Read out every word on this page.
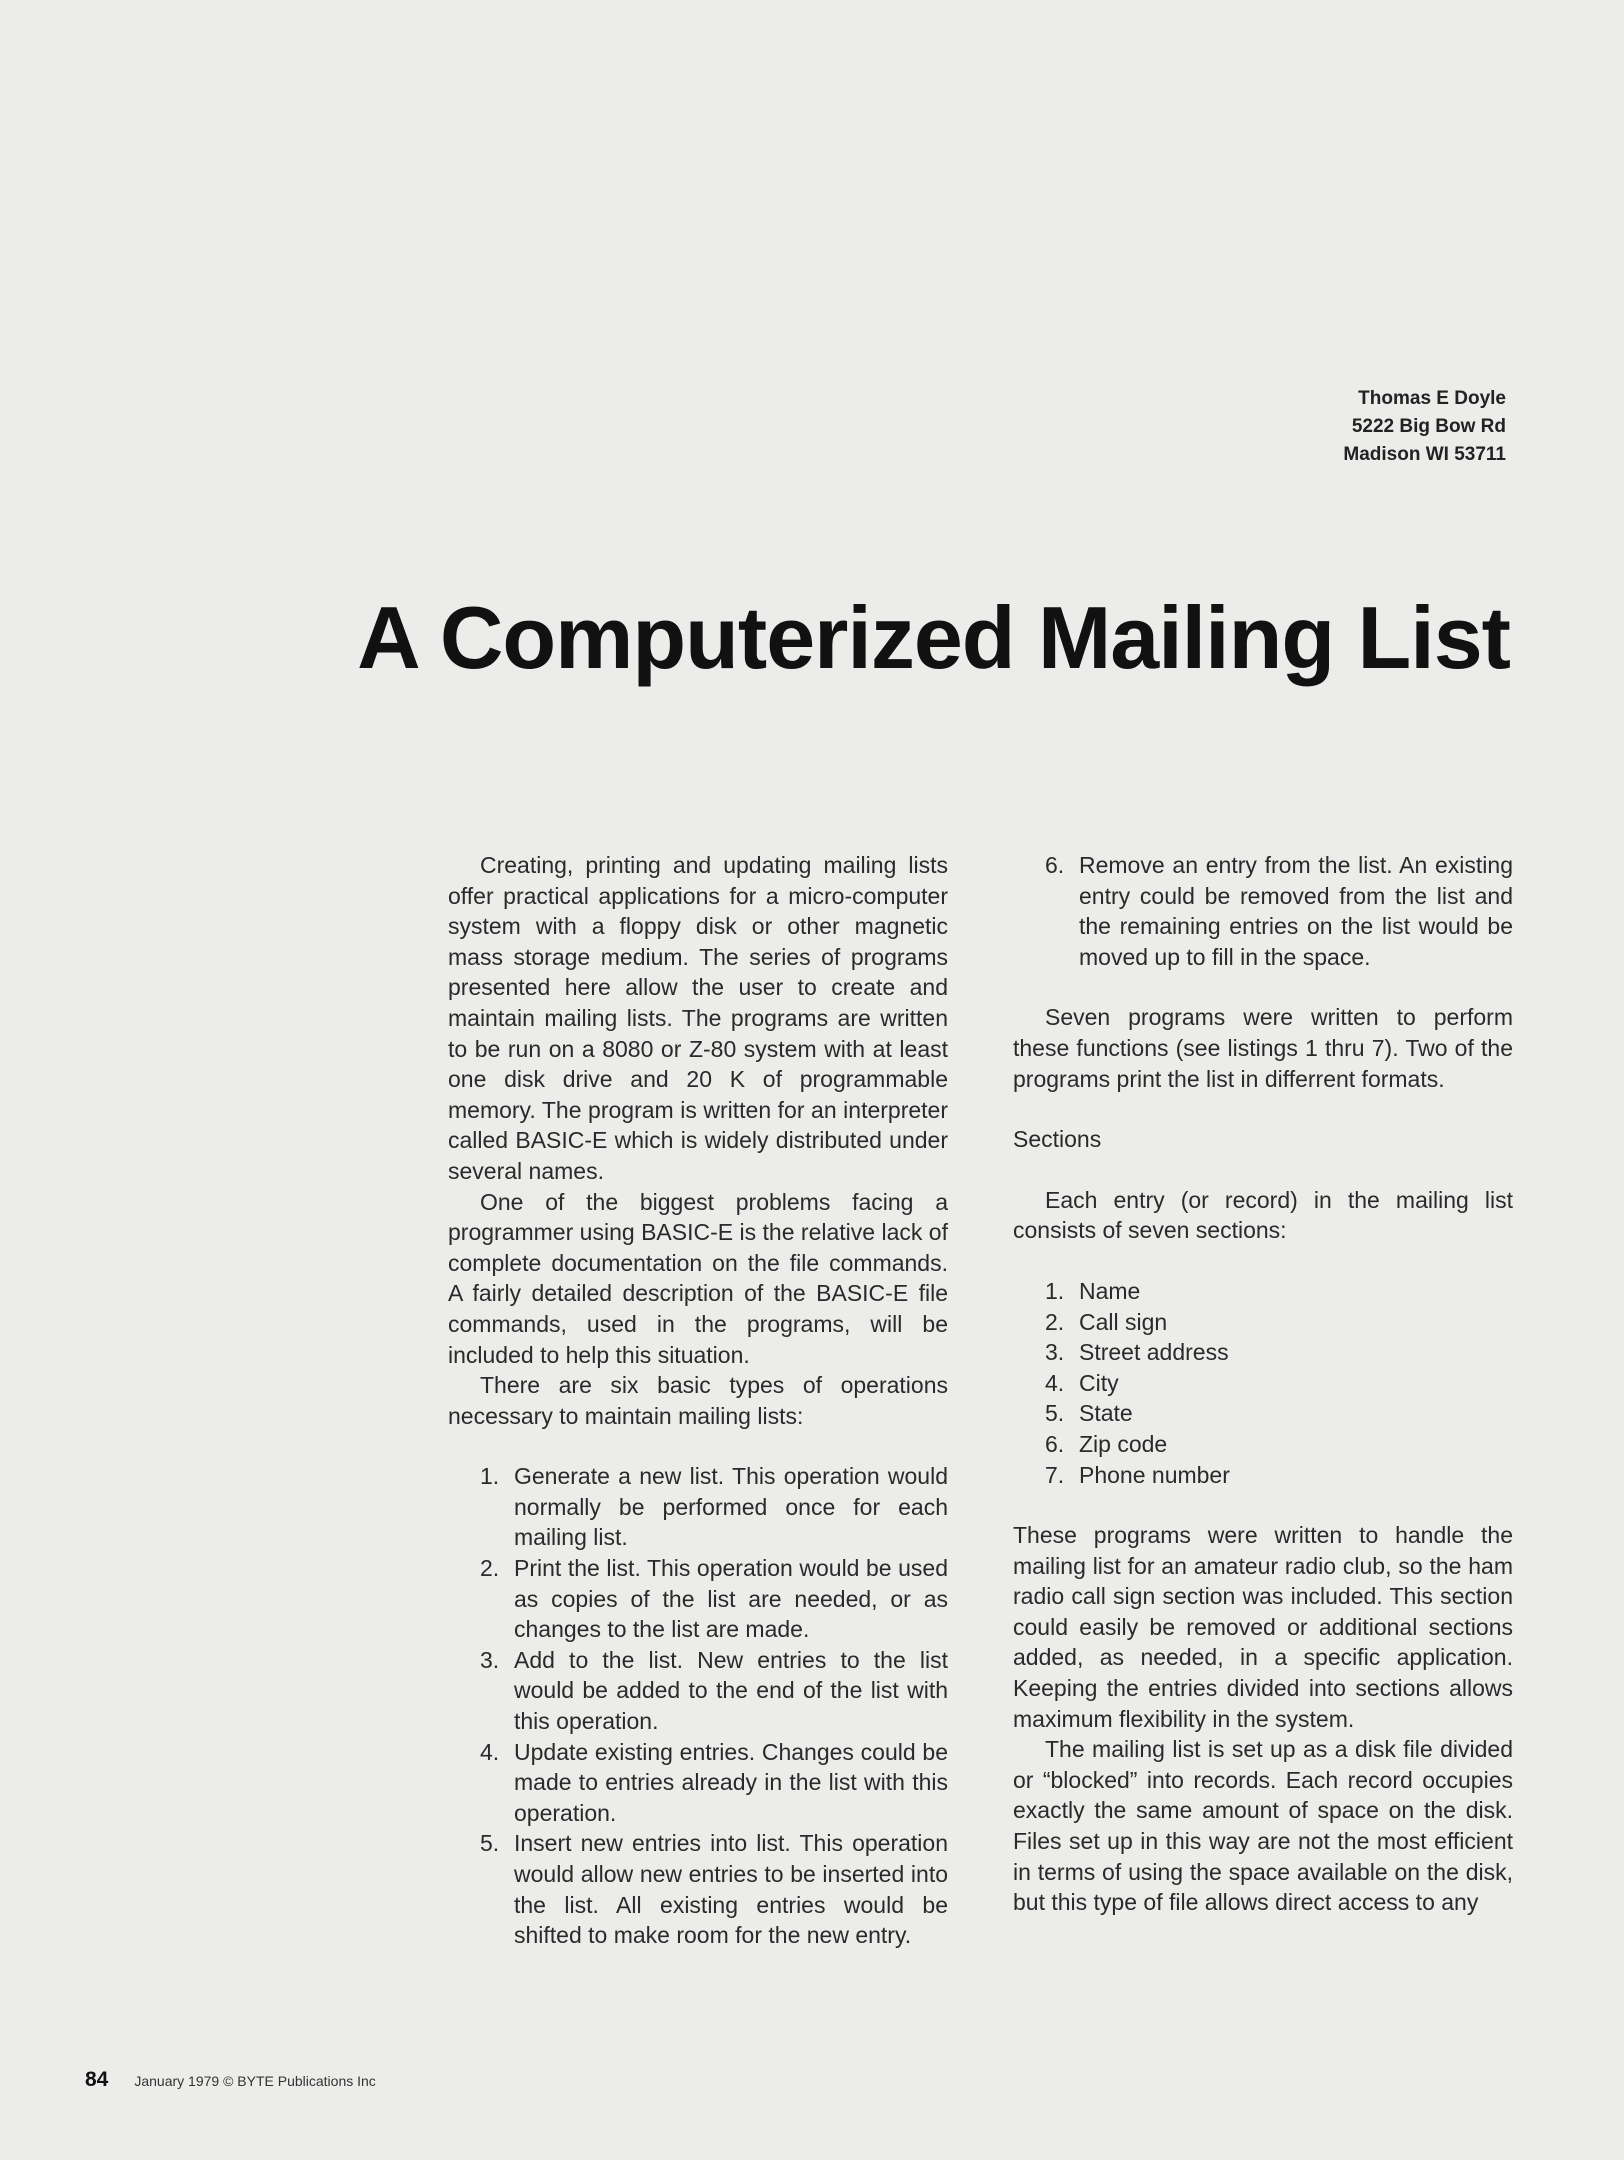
Thomas E Doyle
5222 Big Bow Rd
Madison WI 53711
A Computerized Mailing List

Creating, printing and updating mailing lists offer practical applications for a micro-computer system with a floppy disk or other magnetic mass storage medium. The series of programs presented here allow the user to create and maintain mailing lists. The programs are written to be run on a 8080 or Z-80 system with at least one disk drive and 20 K of programmable memory. The program is written for an interpreter called BASIC-E which is widely distributed under several names.

One of the biggest problems facing a programmer using BASIC-E is the relative lack of complete documentation on the file commands. A fairly detailed description of the BASIC-E file commands, used in the programs, will be included to help this situation.

There are six basic types of operations necessary to maintain mailing lists:

1. Generate a new list. This operation would normally be performed once for each mailing list.
2. Print the list. This operation would be used as copies of the list are needed, or as changes to the list are made.
3. Add to the list. New entries to the list would be added to the end of the list with this operation.
4. Update existing entries. Changes could be made to entries already in the list with this operation.
5. Insert new entries into list. This operation would allow new entries to be inserted into the list. All existing entries would be shifted to make room for the new entry.
6. Remove an entry from the list. An existing entry could be removed from the list and the remaining entries on the list would be moved up to fill in the space.

Seven programs were written to perform these functions (see listings 1 thru 7). Two of the programs print the list in differrent formats.

Sections

Each entry (or record) in the mailing list consists of seven sections:

1. Name
2. Call sign
3. Street address
4. City
5. State
6. Zip code
7. Phone number

These programs were written to handle the mailing list for an amateur radio club, so the ham radio call sign section was included. This section could easily be removed or additional sections added, as needed, in a specific application. Keeping the entries divided into sections allows maximum flexibility in the system.

The mailing list is set up as a disk file divided or “blocked” into records. Each record occupies exactly the same amount of space on the disk. Files set up in this way are not the most efficient in terms of using the space available on the disk, but this type of file allows direct access to any

84 January 1979 © BYTE Publications Inc
